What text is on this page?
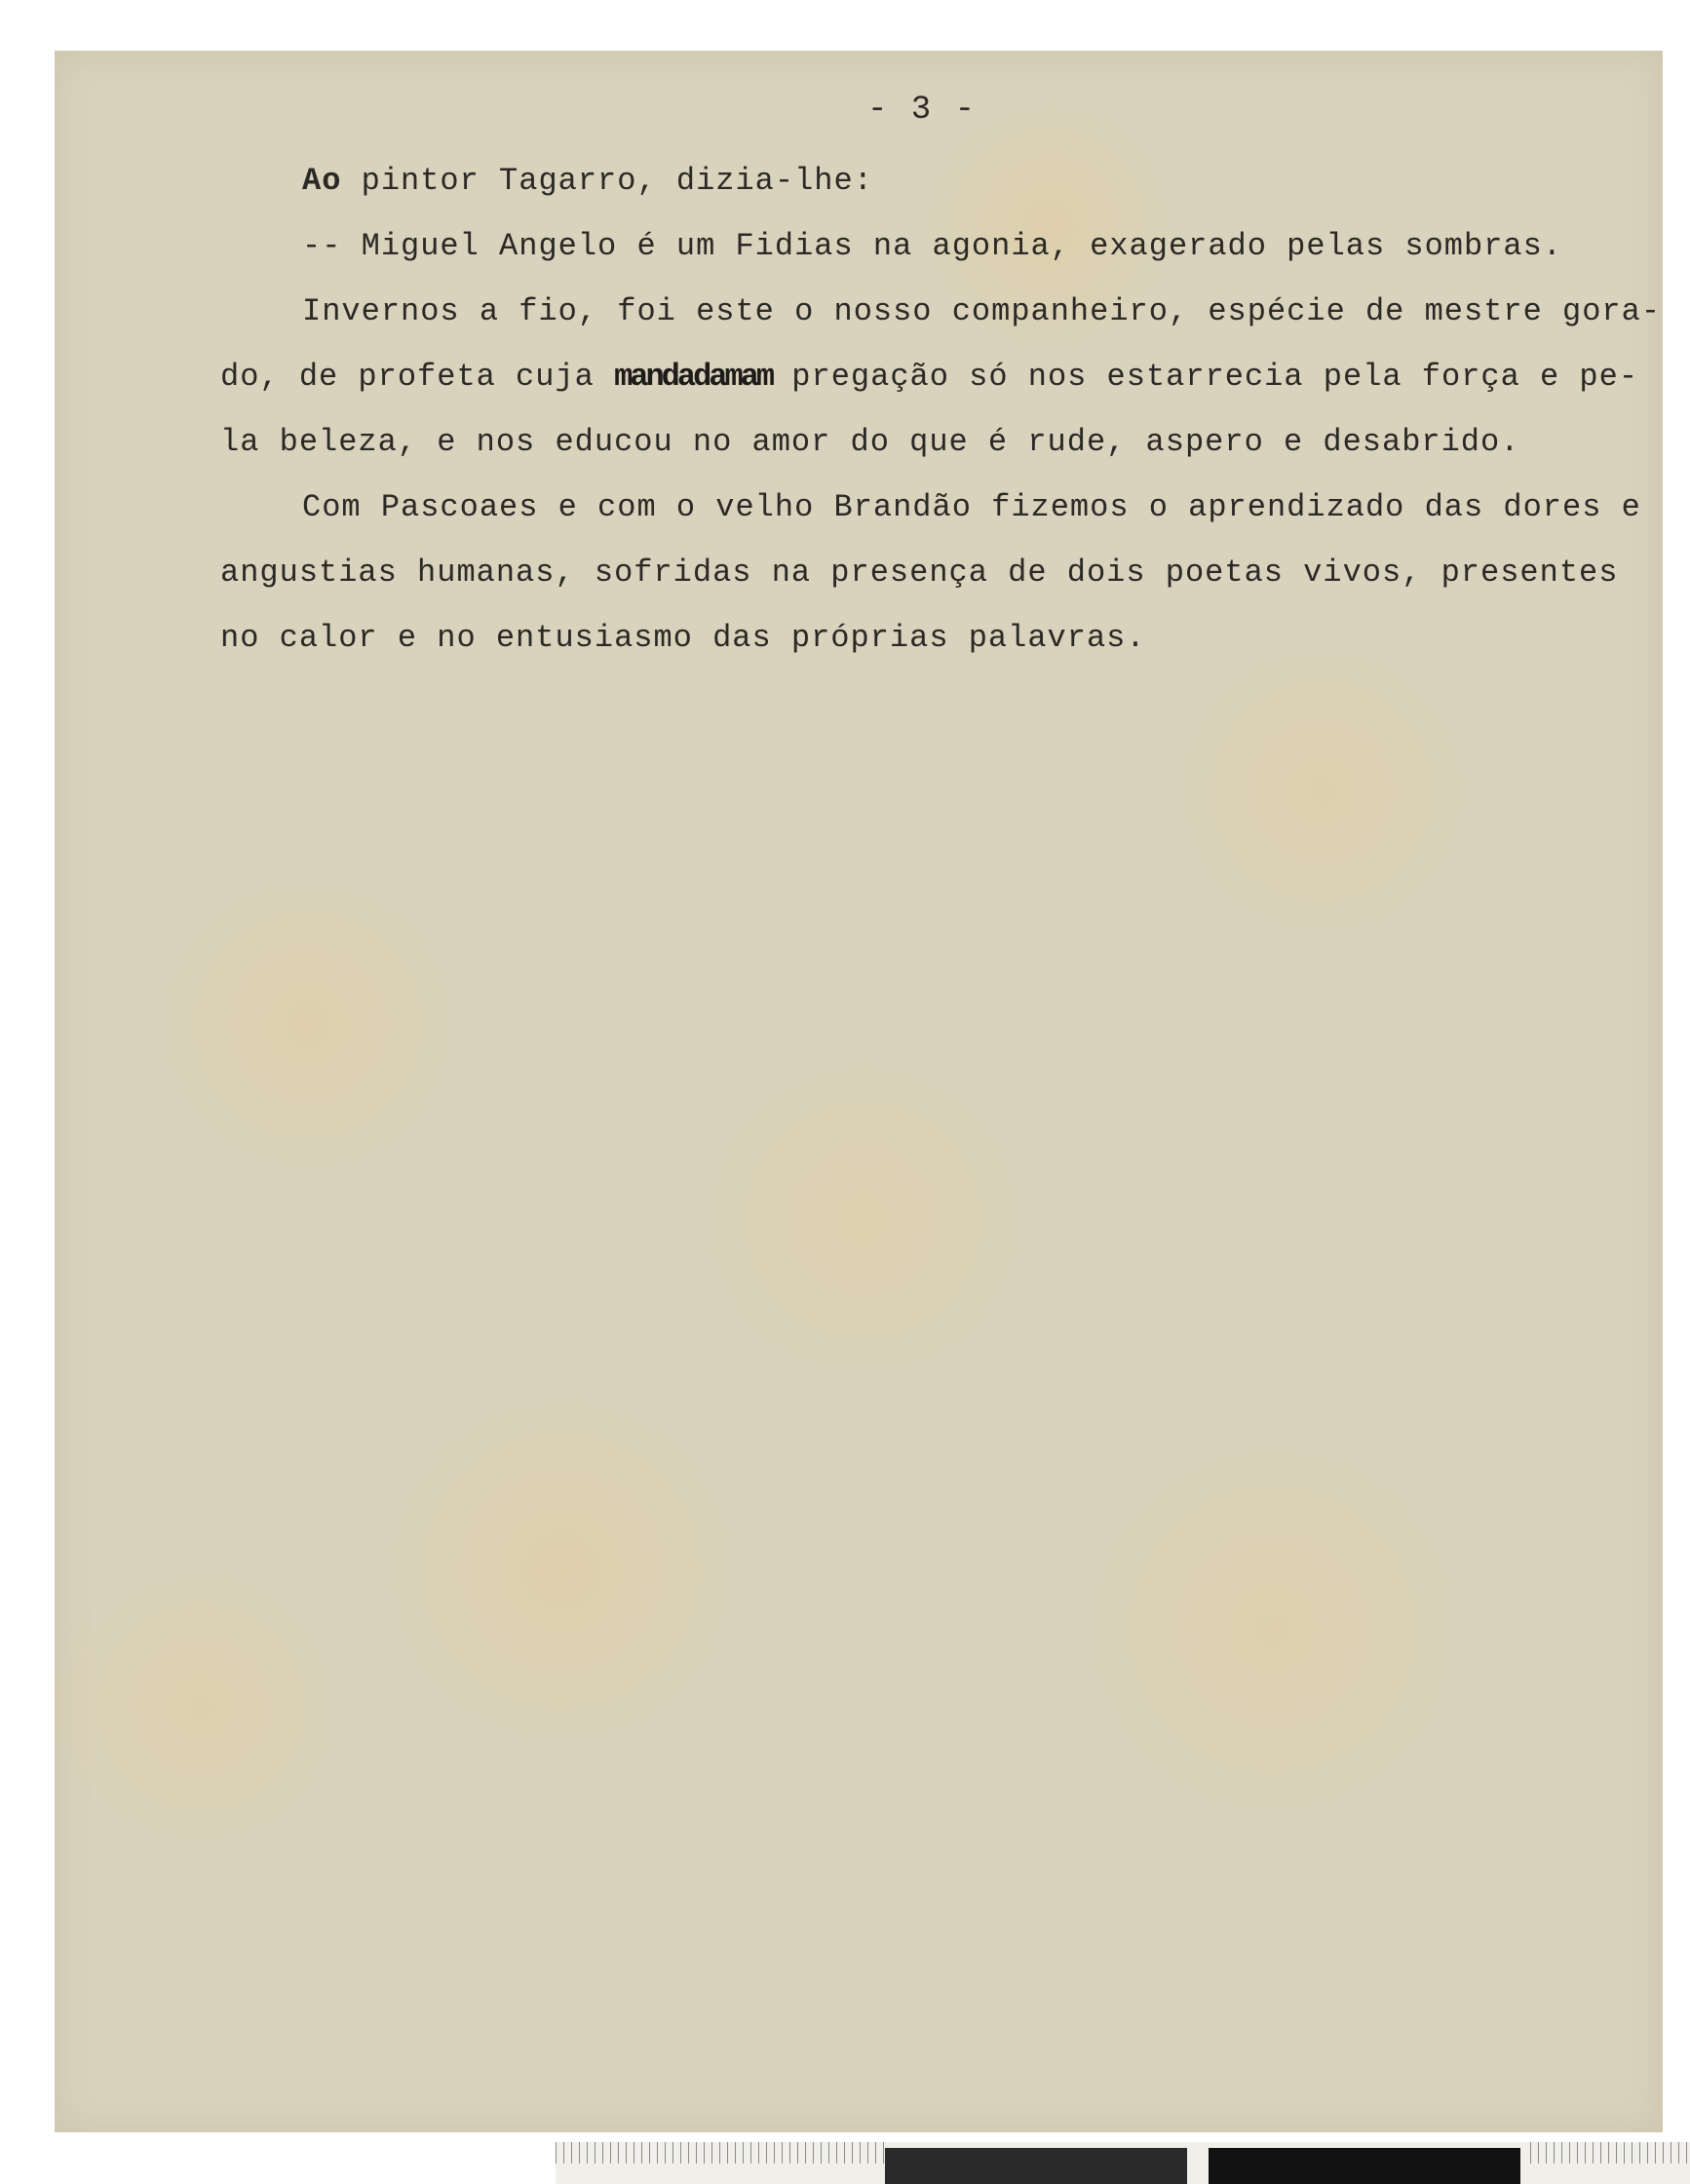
- 3 -
Ao pintor Tagarro, dizia-lhe:
-- Miguel Angelo é um Fidias na agonia, exagerado pelas sombras.
Invernos a fio, foi este o nosso companheiro, espécie de mestre gora-
do, de profeta cuja mandadamam pregação só nos estarrecia pela força e pe-
la beleza, e nos educou no amor do que é rude, aspero e desabrido.
Com Pascoaes e com o velho Brandão fizemos o aprendizado das dores e
angustias humanas, sofridas na presença de dois poetas vivos, presentes
no calor e no entusiasmo das próprias palavras.
